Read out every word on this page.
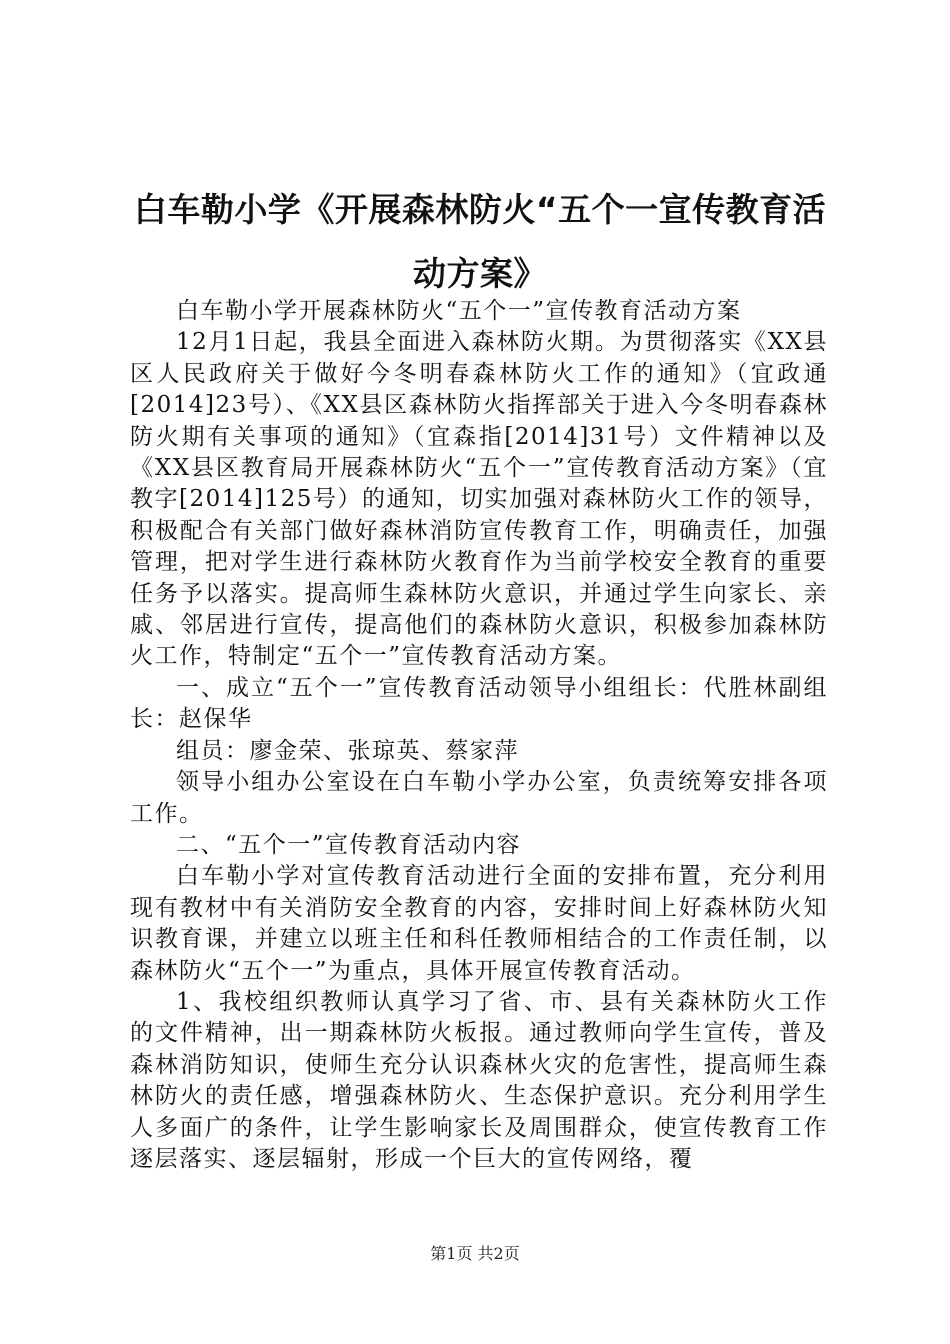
白车勒小学《开展森林防火“五个一宣传教育活动方案》

白车勒小学开展森林防火“五个一”宣传教育活动方案

12月1日起，我县全面进入森林防火期。为贯彻落实《XX县区人民政府关于做好今冬明春森林防火工作的通知》（宜政通[2014]23号）、《XX县区森林防火指挥部关于进入今冬明春森林防火期有关事项的通知》（宜森指[2014]31号）文件精神以及《XX县区教育局开展森林防火“五个一”宣传教育活动方案》（宜教字[2014]125号）的通知，切实加强对森林防火工作的领导，积极配合有关部门做好森林消防宣传教育工作，明确责任，加强管理，把对学生进行森林防火教育作为当前学校安全教育的重要任务予以落实。提高师生森林防火意识，并通过学生向家长、亲戚、邻居进行宣传，提高他们的森林防火意识，积极参加森林防火工作，特制定“五个一”宣传教育活动方案。

一、成立“五个一”宣传教育活动领导小组组长：代胜林副组长：赵保华

组员：廖金荣、张琼英、蔡家萍

领导小组办公室设在白车勒小学办公室，负责统筹安排各项工作。

二、“五个一”宣传教育活动内容

白车勒小学对宣传教育活动进行全面的安排布置，充分利用现有教材中有关消防安全教育的内容，安排时间上好森林防火知识教育课，并建立以班主任和科任教师相结合的工作责任制，以森林防火“五个一”为重点，具体开展宣传教育活动。

1、我校组织教师认真学习了省、市、县有关森林防火工作的文件精神，出一期森林防火板报。通过教师向学生宣传，普及森林消防知识，使师生充分认识森林火灾的危害性，提高师生森林防火的责任感，增强森林防火、生态保护意识。充分利用学生人多面广的条件，让学生影响家长及周围群众，使宣传教育工作逐层落实、逐层辐射，形成一个巨大的宣传网络，覆

第1页 共2页
